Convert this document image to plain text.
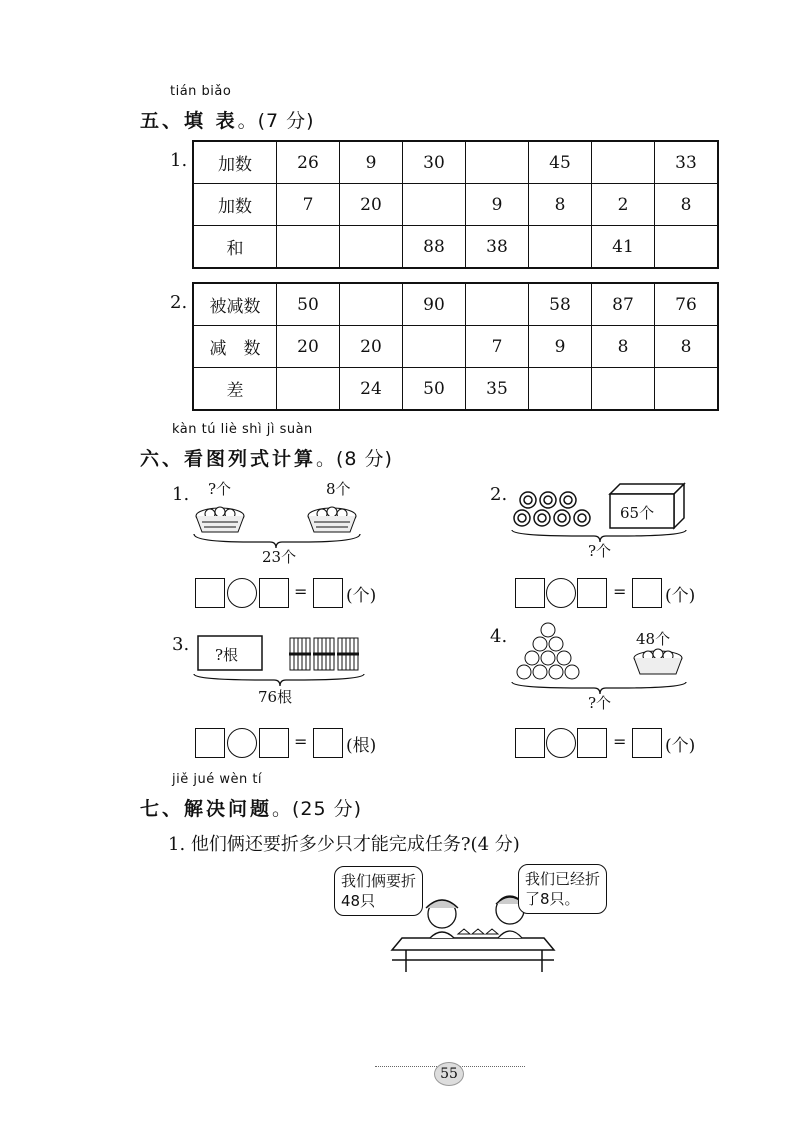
tián biǎo
五、填 表。(7 分)
1. 加数	26	9	30		45		33
加数	7	20		9	8	2	8
和			88	38		41	
2. 被减数	50		90		58	87	76
减　数	20	20		7	9	8	8
差		24	50	35			
kàn tú liè shì jì suàn
六、看图列式计算。(8 分)
1. ?个	8个
23个
= (个)
2.
65个
?个
= (个)
3. ?根
76根
= (根)
4.	48个
?个
= (个)
jiě jué wèn tí
七、解决问题。(25 分)
1. 他们俩还要折多少只才能完成任务?(4 分)
我们俩要折
48只
我们已经折
了8只。
55
